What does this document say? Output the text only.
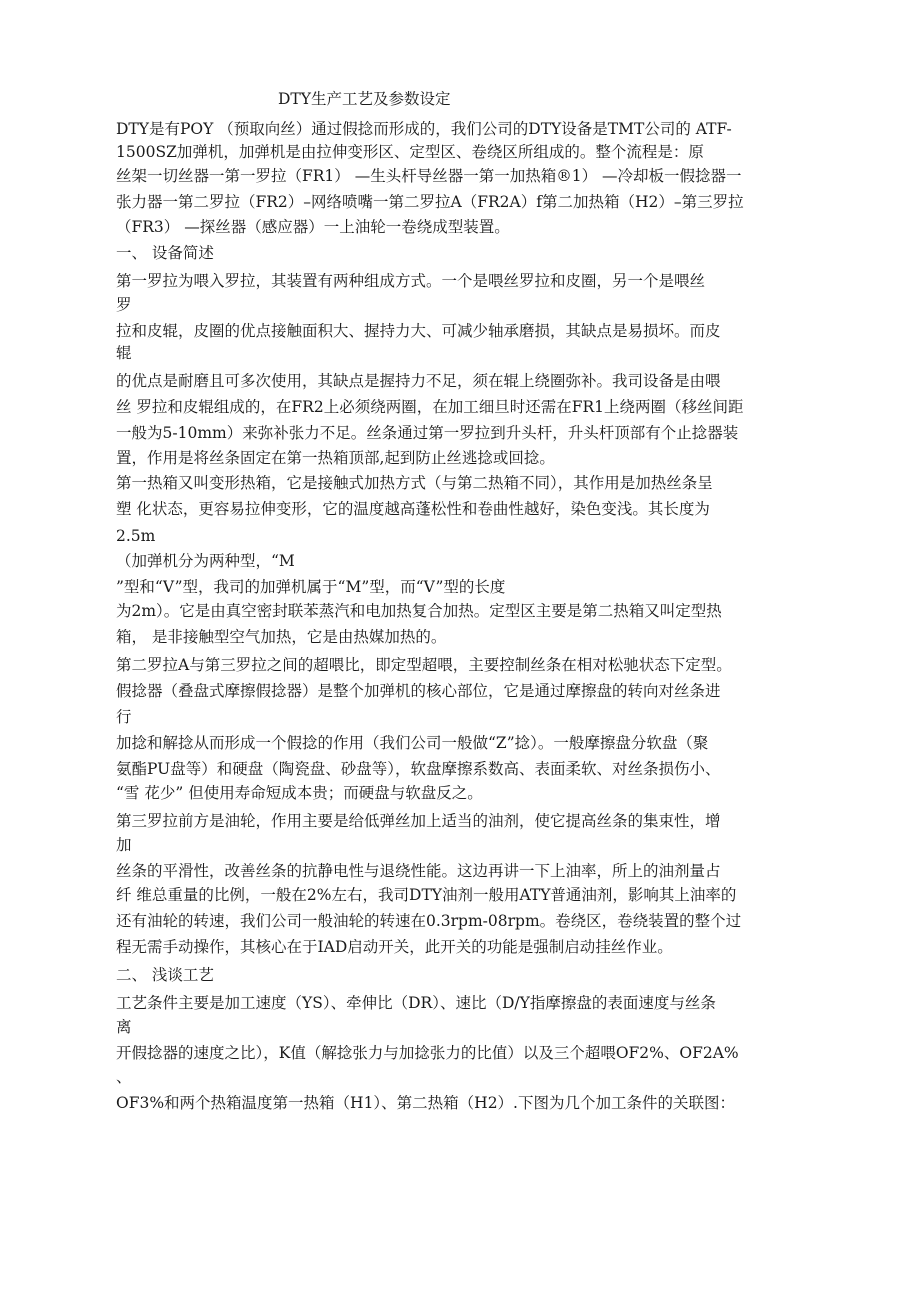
DTY生产工艺及参数设定
DTY是有POY （预取向丝）通过假捻而形成的，我们公司的DTY设备是TMT公司的 ATF-
1500SZ加弹机，加弹机是由拉伸变形区、定型区、卷绕区所组成的。整个流程是：原
丝架一切丝器一第一罗拉（FR1） —生头杆导丝器一第一加热箱®1） —冷却板一假捻器一
张力器一第二罗拉（FR2）–网络喷嘴一第二罗拉A（FR2A）f第二加热箱（H2）–第三罗拉
（FR3） —探丝器（感应器）一上油轮一卷绕成型装置。
一、 设备简述
第一罗拉为喂入罗拉，其装置有两种组成方式。一个是喂丝罗拉和皮圈，另一个是喂丝
罗
拉和皮辊，皮圈的优点接触面积大、握持力大、可减少轴承磨损，其缺点是易损坏。而皮
辊
的优点是耐磨且可多次使用，其缺点是握持力不足，须在辊上绕圈弥补。我司设备是由喂
丝 罗拉和皮辊组成的，在FR2上必须绕两圈，在加工细旦时还需在FR1上绕两圈（移丝间距
一般为5-10mm）来弥补张力不足。丝条通过第一罗拉到升头杆，升头杆顶部有个止捻器装
置，作用是将丝条固定在第一热箱顶部,起到防止丝逃捻或回捻。
第一热箱又叫变形热箱，它是接触式加热方式（与第二热箱不同），其作用是加热丝条呈
塑 化状态，更容易拉伸变形，它的温度越高蓬松性和卷曲性越好，染色变浅。其长度为
2.5m
（加弹机分为两种型，“M
”型和“V”型，我司的加弹机属于“M”型，而“V”型的长度
为2m）。它是由真空密封联苯蒸汽和电加热复合加热。定型区主要是第二热箱又叫定型热
箱， 是非接触型空气加热，它是由热媒加热的。
第二罗拉A与第三罗拉之间的超喂比，即定型超喂，主要控制丝条在相对松驰状态下定型。
假捻器（叠盘式摩擦假捻器）是整个加弹机的核心部位，它是通过摩擦盘的转向对丝条进
行
加捻和解捻从而形成一个假捻的作用（我们公司一般做“Z”捻）。一般摩擦盘分软盘（聚
氨酯PU盘等）和硬盘（陶瓷盘、砂盘等），软盘摩擦系数高、表面柔软、对丝条损伤小、
“雪 花少” 但使用寿命短成本贵；而硬盘与软盘反之。
第三罗拉前方是油轮，作用主要是给低弹丝加上适当的油剂，使它提高丝条的集束性，增
加
丝条的平滑性，改善丝条的抗静电性与退绕性能。这边再讲一下上油率，所上的油剂量占
纤 维总重量的比例，一般在2%左右，我司DTY油剂一般用ATY普通油剂，影响其上油率的
还有油轮的转速，我们公司一般油轮的转速在0.3rpm-08rpm。卷绕区，卷绕装置的整个过
程无需手动操作，其核心在于IAD启动开关，此开关的功能是强制启动挂丝作业。
二、 浅谈工艺
工艺条件主要是加工速度（YS）、牵伸比（DR）、速比（D/Y指摩擦盘的表面速度与丝条
离
开假捻器的速度之比），K值（解捻张力与加捻张力的比值）以及三个超喂OF2%、OF2A%
、
OF3%和两个热箱温度第一热箱（H1）、第二热箱（H2）.下图为几个加工条件的关联图：
